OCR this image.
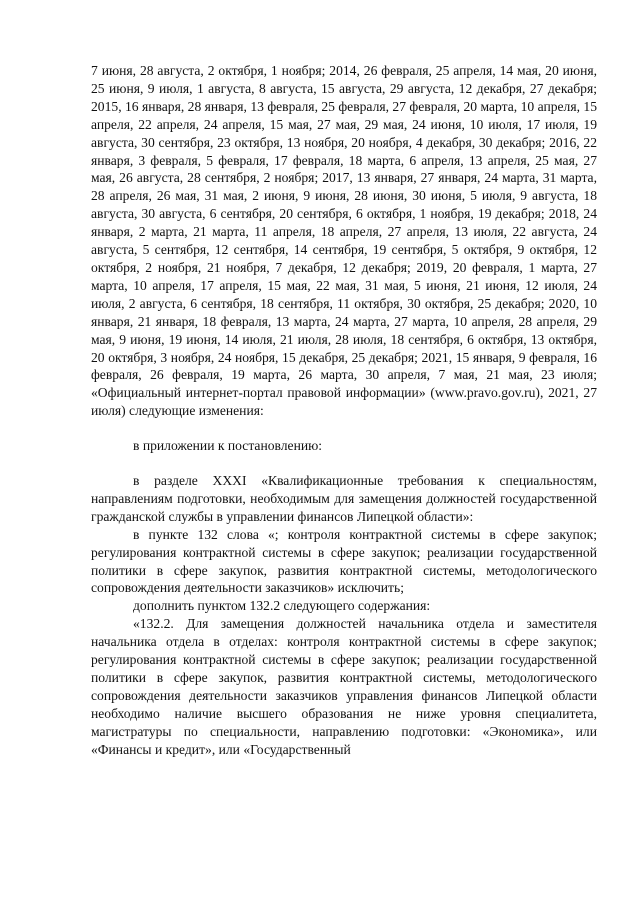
7 июня, 28 августа, 2 октября, 1 ноября; 2014, 26 февраля, 25 апреля, 14 мая, 20 июня, 25 июня, 9 июля, 1 августа, 8 августа, 15 августа, 29 августа, 12 декабря, 27 декабря; 2015, 16 января, 28 января, 13 февраля, 25 февраля, 27 февраля, 20 марта, 10 апреля, 15 апреля, 22 апреля, 24 апреля, 15 мая, 27 мая, 29 мая, 24 июня, 10 июля, 17 июля, 19 августа, 30 сентября, 23 октября, 13 ноября, 20 ноября, 4 декабря, 30 декабря; 2016, 22 января, 3 февраля, 5 февраля, 17 февраля, 18 марта, 6 апреля, 13 апреля, 25 мая, 27 мая, 26 августа, 28 сентября, 2 ноября; 2017, 13 января, 27 января, 24 марта, 31 марта, 28 апреля, 26 мая, 31 мая, 2 июня, 9 июня, 28 июня, 30 июня, 5 июля, 9 августа, 18 августа, 30 августа, 6 сентября, 20 сентября, 6 октября, 1 ноября, 19 декабря; 2018, 24 января, 2 марта, 21 марта, 11 апреля, 18 апреля, 27 апреля, 13 июля, 22 августа, 24 августа, 5 сентября, 12 сентября, 14 сентября, 19 сентября, 5 октября, 9 октября, 12 октября, 2 ноября, 21 ноября, 7 декабря, 12 декабря; 2019, 20 февраля, 1 марта, 27 марта, 10 апреля, 17 апреля, 15 мая, 22 мая, 31 мая, 5 июня, 21 июня, 12 июля, 24 июля, 2 августа, 6 сентября, 18 сентября, 11 октября, 30 октября, 25 декабря; 2020, 10 января, 21 января, 18 февраля, 13 марта, 24 марта, 27 марта, 10 апреля, 28 апреля, 29 мая, 9 июня, 19 июня, 14 июля, 21 июля, 28 июля, 18 сентября, 6 октября, 13 октября, 20 октября, 3 ноября, 24 ноября, 15 декабря, 25 декабря; 2021, 15 января, 9 февраля, 16 февраля, 26 февраля, 19 марта, 26 марта, 30 апреля, 7 мая, 21 мая, 23 июля; «Официальный интернет-портал правовой информации» (www.pravo.gov.ru), 2021, 27 июля) следующие изменения:

в приложении к постановлению:

в разделе XXXI «Квалификационные требования к специальностям, направлениям подготовки, необходимым для замещения должностей государственной гражданской службы в управлении финансов Липецкой области»:

в пункте 132 слова «; контроля контрактной системы в сфере закупок; регулирования контрактной системы в сфере закупок; реализации государственной политики в сфере закупок, развития контрактной системы, методологического сопровождения деятельности заказчиков» исключить;

дополнить пунктом 132.2 следующего содержания:

«132.2. Для замещения должностей начальника отдела и заместителя начальника отдела в отделах: контроля контрактной системы в сфере закупок; регулирования контрактной системы в сфере закупок; реализации государственной политики в сфере закупок, развития контрактной системы, методологического сопровождения деятельности заказчиков управления финансов Липецкой области необходимо наличие высшего образования не ниже уровня специалитета, магистратуры по специальности, направлению подготовки: «Экономика», или «Финансы и кредит», или «Государственный
